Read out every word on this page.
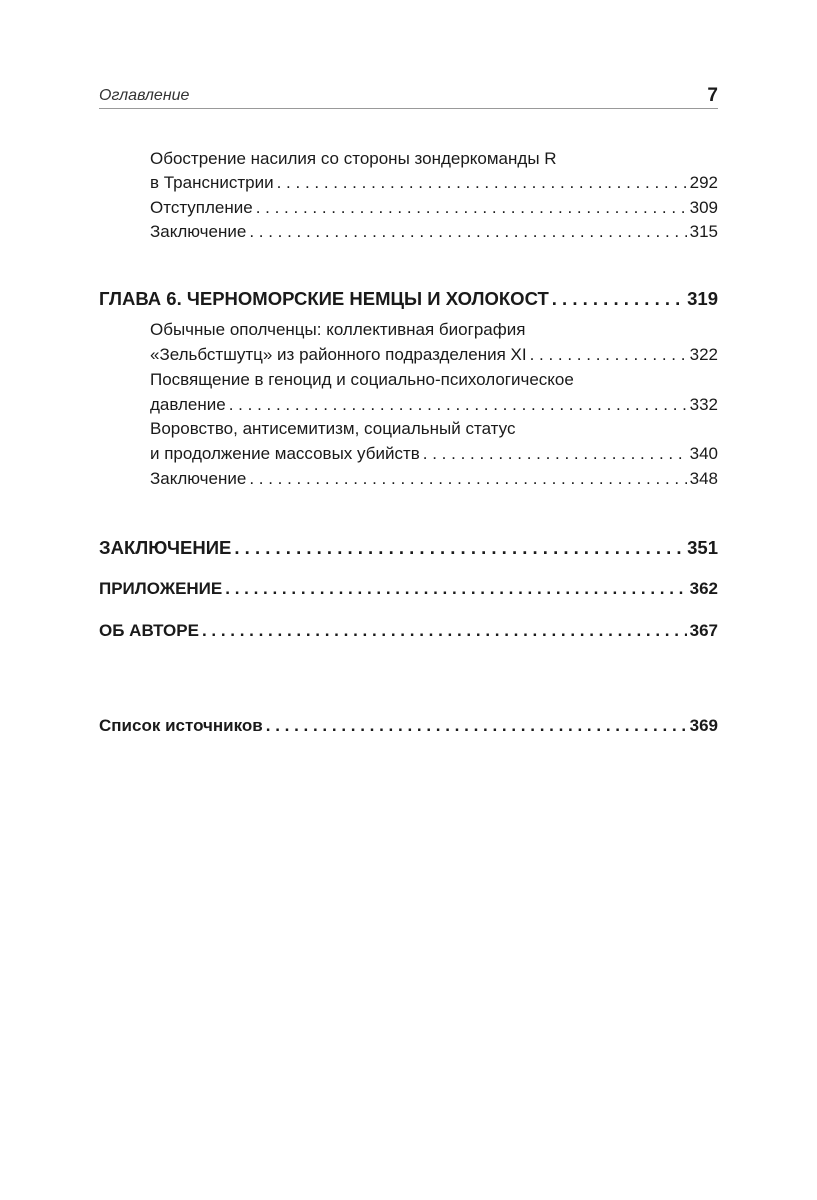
Оглавление	7
Обострение насилия со стороны зондеркоманды R
в Транснистрии . . .	292
Отступление . . .	309
Заключение . . .	315
ГЛАВА 6. ЧЕРНОМОРСКИЕ НЕМЦЫ И ХОЛОКОСТ . . .	319
Обычные ополченцы: коллективная биография
«Зельбстшутц» из районного подразделения XI . . .	322
Посвящение в геноцид и социально-психологическое
давление . . .	332
Воровство, антисемитизм, социальный статус
и продолжение массовых убийств . . .	340
Заключение . . .	348
ЗАКЛЮЧЕНИЕ . . .	351
ПРИЛОЖЕНИЕ . . .	362
ОБ АВТОРЕ . . .	367
Список источников . . .	369
